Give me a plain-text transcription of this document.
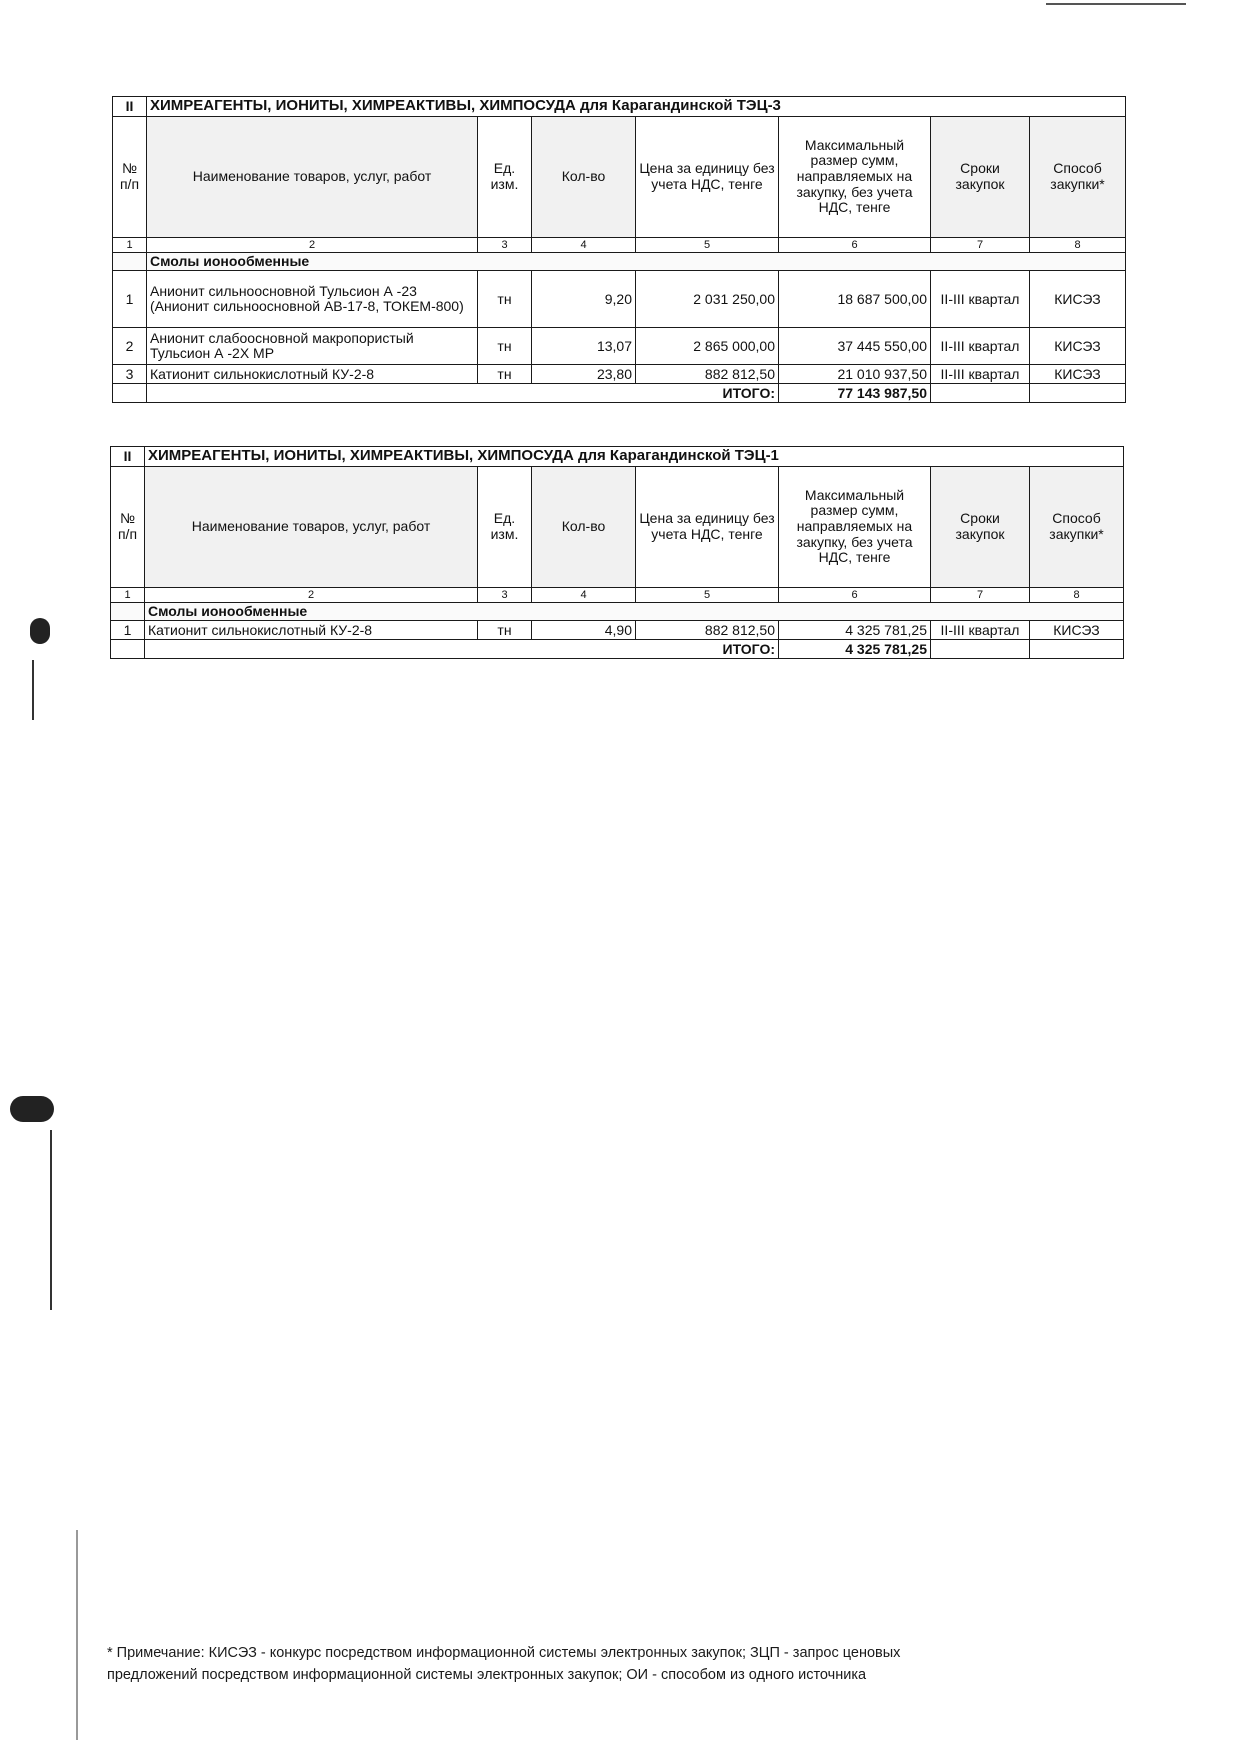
II	ХИМРЕАГЕНТЫ, ИОНИТЫ, ХИМРЕАКТИВЫ, ХИМПОСУДА для Карагандинской ТЭЦ-3						
№ п/п	Наименование товаров, услуг, работ	Ед. изм.	Кол-во	Цена за единицу без учета НДС, тенге	Максимальный размер сумм, направляемых на закупку, без учета НДС, тенге	Сроки закупок	Способ закупки*
1	2	3	4	5	6	7	8
	Смолы ионообменные						
1	Анионит сильноосновной Тульсион А -23 (Анионит сильноосновной АВ-17-8, ТОКЕМ-800)	тн	9,20	2 031 250,00	18 687 500,00	II-III квартал	КИСЭЗ
2	Анионит слабоосновной макропористый Тульсион А -2Х МР	тн	13,07	2 865 000,00	37 445 550,00	II-III квартал	КИСЭЗ
3	Катионит сильнокислотный КУ-2-8	тн	23,80	882 812,50	21 010 937,50	II-III квартал	КИСЭЗ
	ИТОГО:				77 143 987,50		
II	ХИМРЕАГЕНТЫ, ИОНИТЫ, ХИМРЕАКТИВЫ, ХИМПОСУДА для Карагандинской ТЭЦ-1						
№ п/п	Наименование товаров, услуг, работ	Ед. изм.	Кол-во	Цена за единицу без учета НДС, тенге	Максимальный размер сумм, направляемых на закупку, без учета НДС, тенге	Сроки закупок	Способ закупки*
1	2	3	4	5	6	7	8
	Смолы ионообменные						
1	Катионит сильнокислотный КУ-2-8	тн	4,90	882 812,50	4 325 781,25	II-III квартал	КИСЭЗ
	ИТОГО:				4 325 781,25		
* Примечание: КИСЭЗ - конкурс посредством информационной системы электронных закупок; ЗЦП - запрос ценовых
предложений посредством информационной системы электронных закупок; ОИ - способом из одного источника
